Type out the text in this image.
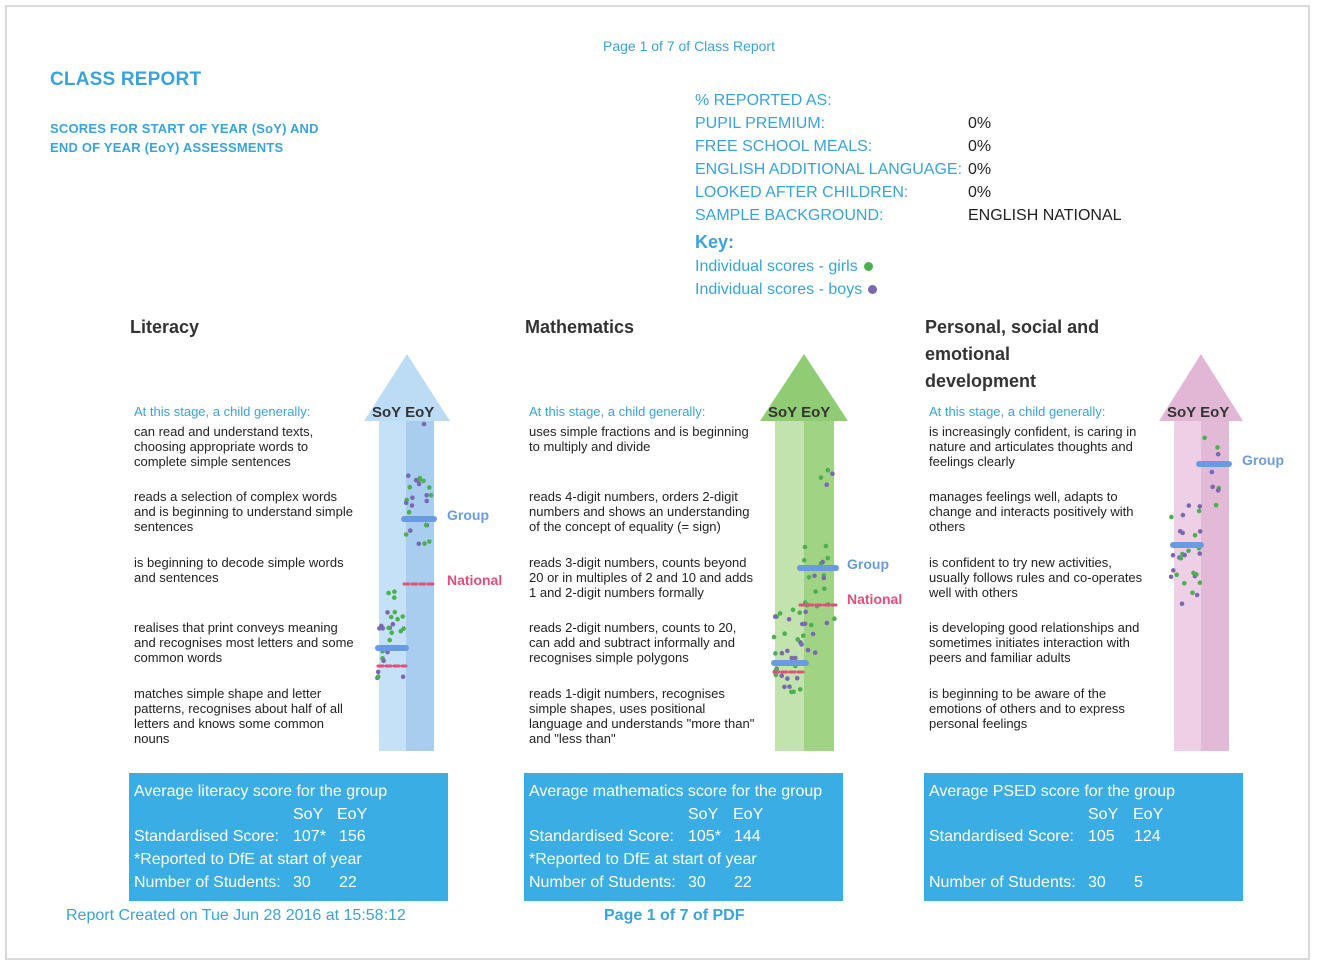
Page 1 of 7 of Class Report
CLASS REPORT
SCORES FOR START OF YEAR (SoY) AND
END OF YEAR (EoY) ASSESSMENTS
% REPORTED AS:
PUPIL PREMIUM:	0%
FREE SCHOOL MEALS:	0%
ENGLISH ADDITIONAL LANGUAGE: 0%
LOOKED AFTER CHILDREN:	0%
SAMPLE BACKGROUND:	ENGLISH NATIONAL
Key:
Individual scores - girls
Individual scores - boys
Literacy
At this stage, a child generally:
can read and understand texts,
choosing appropriate words to
complete simple sentences
reads a selection of complex words
and is beginning to understand simple
sentences
is beginning to decode simple words
and sentences
realises that print conveys meaning
and recognises most letters and some
common words
matches simple shape and letter
patterns, recognises about half of all
letters and knows some common
nouns
SoY EoY
Group
National
Average literacy score for the group
SoY EoY
Standardised Score: 107* 156
*Reported to DfE at start of year
Number of Students: 30 22
Mathematics
At this stage, a child generally:
uses simple fractions and is beginning
to multiply and divide
reads 4-digit numbers, orders 2-digit
numbers and shows an understanding
of the concept of equality (= sign)
reads 3-digit numbers, counts beyond
20 or in multiples of 2 and 10 and adds
1 and 2-digit numbers formally
reads 2-digit numbers, counts to 20,
can add and subtract informally and
recognises simple polygons
reads 1-digit numbers, recognises
simple shapes, uses positional
language and understands "more than"
and "less than"
SoY EoY
Group
National
Average mathematics score for the group
SoY EoY
Standardised Score: 105* 144
*Reported to DfE at start of year
Number of Students: 30 22
Personal, social and
emotional
development
At this stage, a child generally:
is increasingly confident, is caring in
nature and articulates thoughts and
feelings clearly
manages feelings well, adapts to
change and interacts positively with
others
is confident to try new activities,
usually follows rules and co-operates
well with others
is developing good relationships and
sometimes initiates interaction with
peers and familiar adults
is beginning to be aware of the
emotions of others and to express
personal feelings
SoY EoY
Group
Average PSED score for the group
SoY EoY
Standardised Score: 105 124
Number of Students: 30 5
Report Created on Tue Jun 28 2016 at 15:58:12	Page 1 of 7 of PDF
